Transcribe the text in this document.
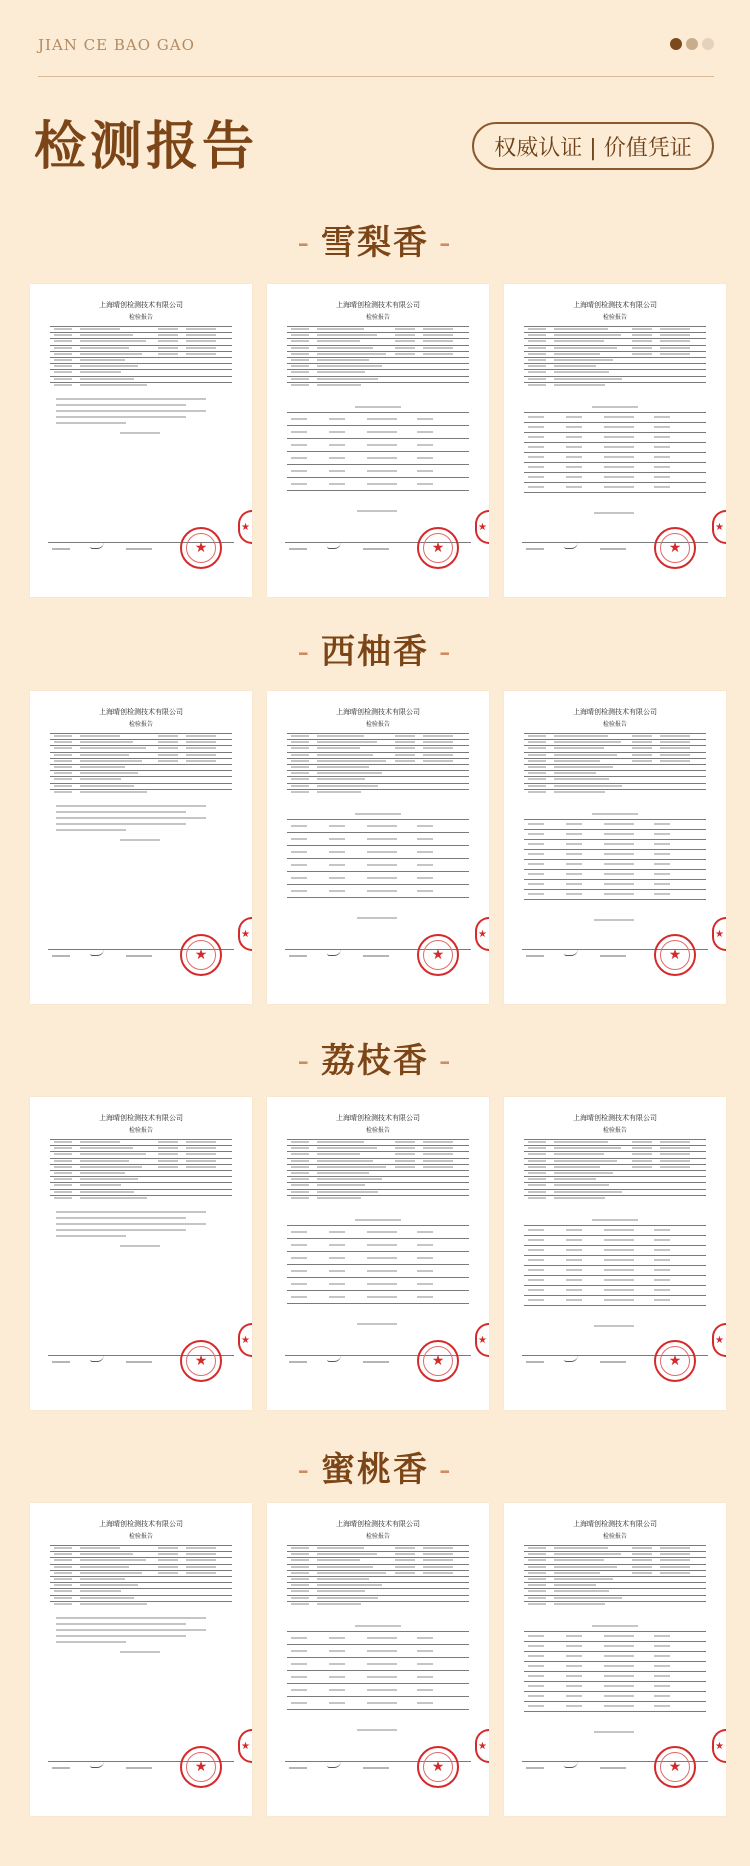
JIAN CE BAO GAO
检测报告	权威认证 | 价值凭证
- 雪梨香 -
上海晴创检测技术有限公司
检验报告
★
★
上海晴创检测技术有限公司
检验报告
★
★
上海晴创检测技术有限公司
检验报告
★
★
- 西柚香 -
上海晴创检测技术有限公司
检验报告
★
★
上海晴创检测技术有限公司
检验报告
★
★
上海晴创检测技术有限公司
检验报告
★
★
- 荔枝香 -
上海晴创检测技术有限公司
检验报告
★
★
上海晴创检测技术有限公司
检验报告
★
★
上海晴创检测技术有限公司
检验报告
★
★
- 蜜桃香 -
上海晴创检测技术有限公司
检验报告
★
★
上海晴创检测技术有限公司
检验报告
★
★
上海晴创检测技术有限公司
检验报告
★
★
